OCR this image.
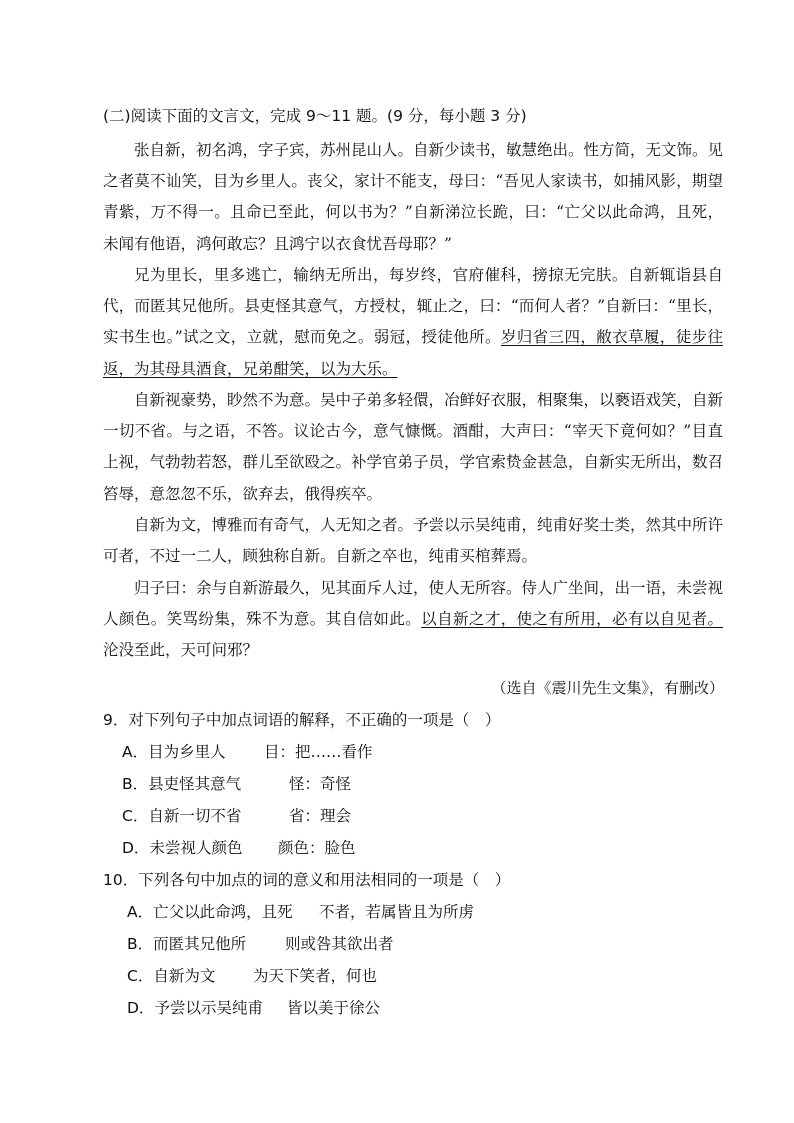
(二)阅读下面的文言文，完成 9～11 题。(9 分，每小题 3 分)
张自新，初名鸿，字子宾，苏州昆山人。自新少读书，敏慧绝出。性方简，无文饰。见之者莫不讪笑，目为乡里人。丧父，家计不能支，母曰：“吾见人家读书，如捕风影，期望青紫，万不得一。且命已至此，何以书为？”自新涕泣长跪，曰：“亡父以此命鸿，且死，未闻有他语，鸿何敢忘？且鸿宁以衣食忧吾母耶？”
兄为里长，里多逃亡，输纳无所出，每岁终，官府催科，搒掠无完肤。自新辄诣县自代，而匿其兄他所。县吏怪其意气，方授杖，辄止之，曰：“而何人者？”自新曰：“里长，实书生也。”试之文，立就，慰而免之。弱冠，授徒他所。岁归省三四，敝衣草履，徒步往返，为其母具酒食，兄弟酣笑，以为大乐。
自新视豪势，眇然不为意。吴中子弟多轻儇，冶鲜好衣服，相聚集，以褻语戏笑，自新一切不省。与之语，不答。议论古今，意气慷慨。酒酣，大声曰：“宰天下竟何如？”目直上视，气勃勃若怒，群儿至欲殴之。补学官弟子员，学官索贽金甚急，自新实无所出，数召笞辱，意忽忽不乐，欲弃去，俄得疾卒。
自新为文，博雅而有奇气，人无知之者。予尝以示吴纯甫，纯甫好奖士类，然其中所许可者，不过一二人，顾独称自新。自新之卒也，纯甫买棺葬焉。
归子曰：余与自新游最久，见其面斥人过，使人无所容。侍人广坐间，出一语，未尝视人颜色。笑骂纷集，殊不为意。其自信如此。以自新之才，使之有所用，必有以自见者。沦没至此，天可问邪？
（选自《震川先生文集》，有删改）
9．对下列句子中加点词语的解释，不正确的一项是（　）
A．目为乡里人 目：把……看作
B．县吏怪其意气	怪：奇怪
C．自新一切不省	省：理会
D．未尝视人颜色 颜色：脸色
10．下列各句中加点的词的意义和用法相同的一项是（　）
A．亡父以此命鸿，且死 不者，若属皆且为所虏
B．而匿其兄他所	则或咎其欲出者
C．自新为文 为天下笑者，何也
D．予尝以示吴纯甫 皆以美于徐公
